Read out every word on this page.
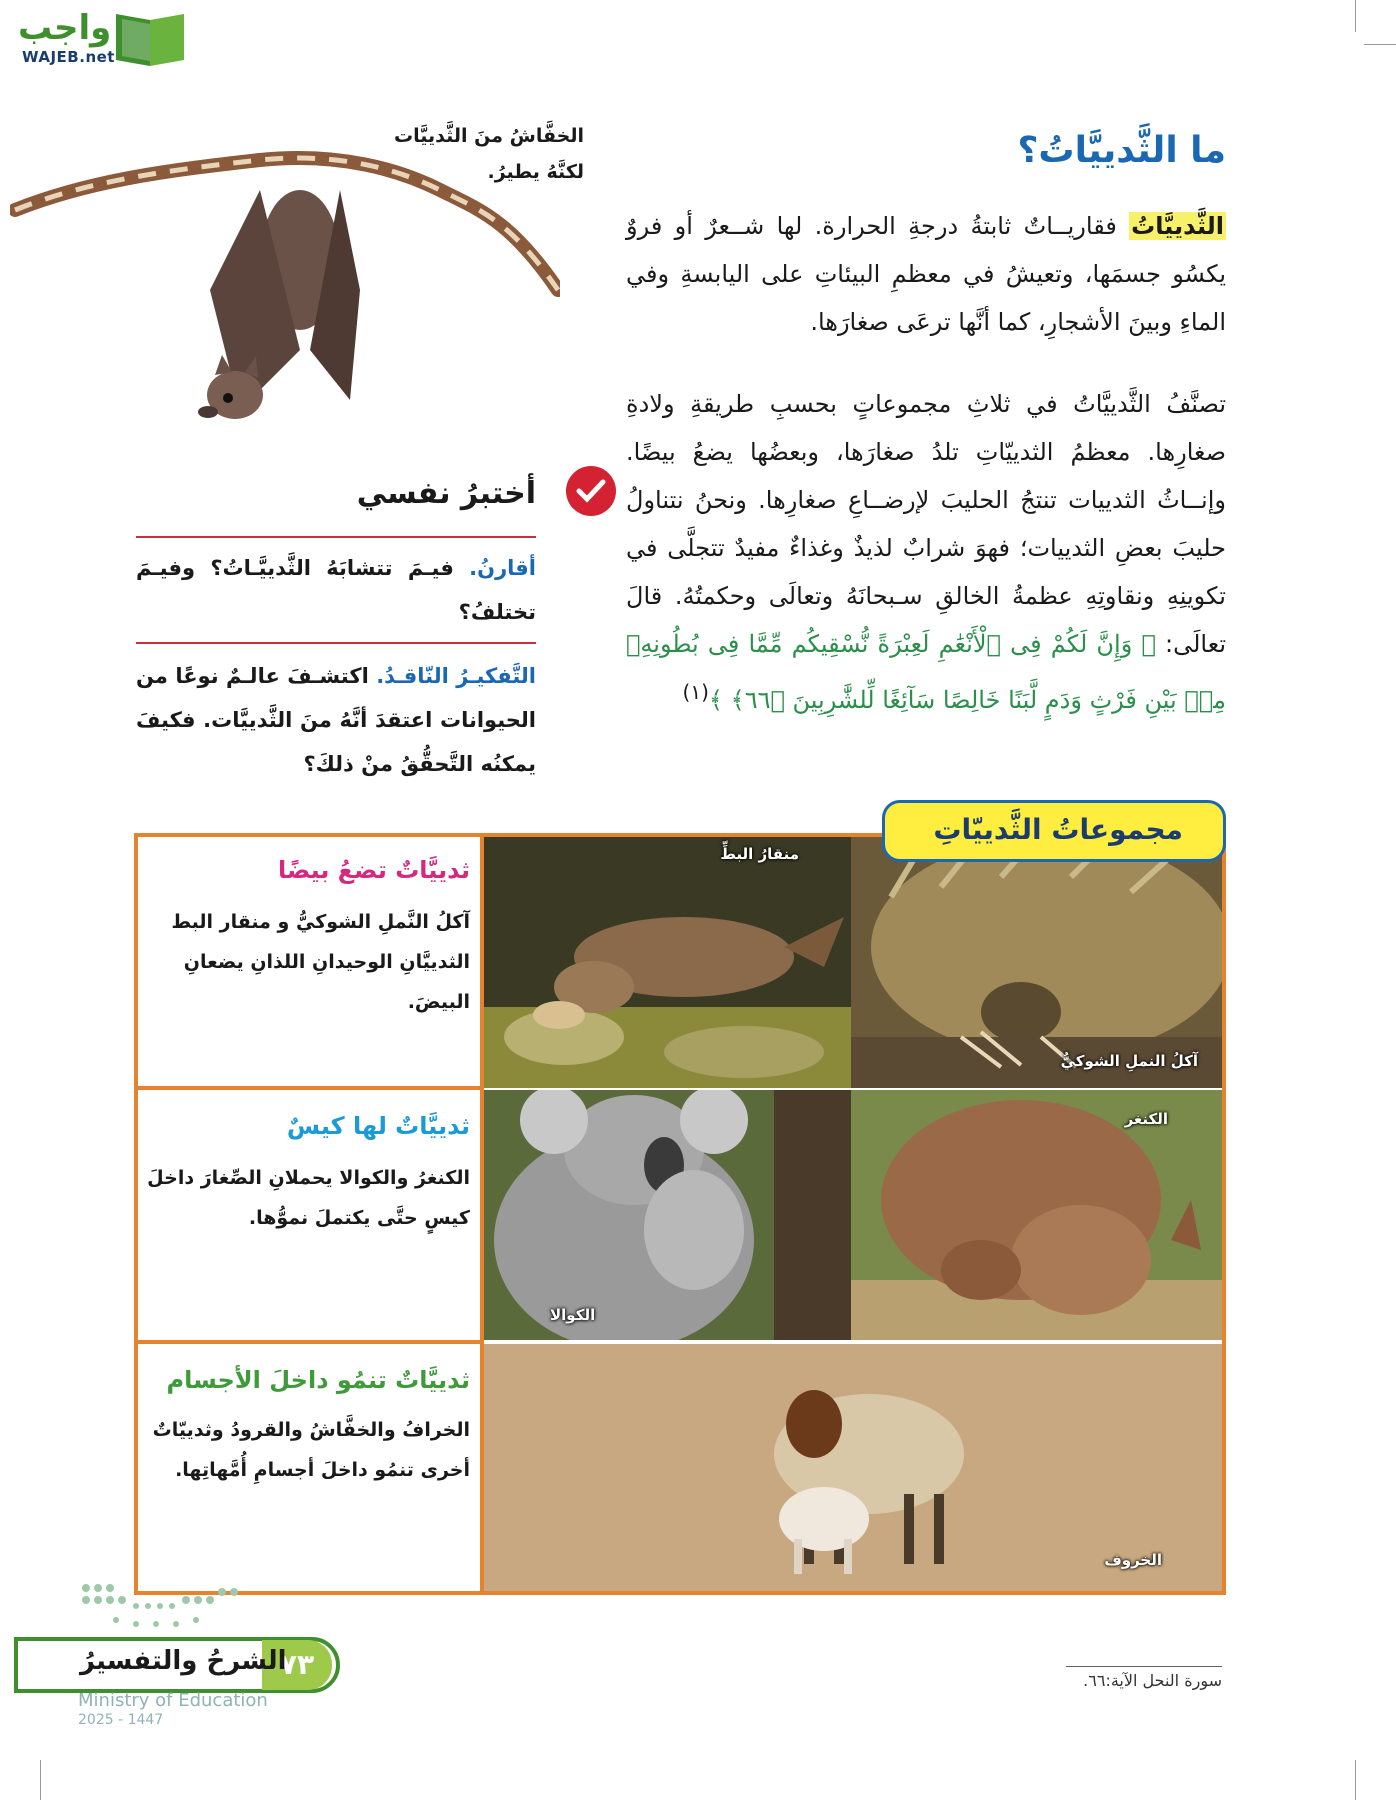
واجب
WAJEB.net
ما الثَّدييَّاتُ؟

الثَّدييَّاتُ فقاريــاتٌ ثابتةُ درجةِ الحرارة. لها شــعرٌ أو فروٌ يكسُو جسمَها، وتعيشُ في معظمِ البيئاتِ على اليابسةِ وفي الماءِ وبينَ الأشجارِ، كما أنَّها ترعَى صغارَها.

تصنَّفُ الثَّدييَّاتُ في ثلاثِ مجموعاتٍ بحسبِ طريقةِ ولادةِ صغارِها. معظمُ الثدييّاتِ تلدُ صغارَها، وبعضُها يضعُ بيضًا. وإنــاثُ الثدييات تنتجُ الحليبَ لإرضــاعِ صغارِها. ونحنُ نتناولُ حليبَ بعضِ الثدييات؛ فهوَ شرابٌ لذيذٌ وغذاءٌ مفيدٌ تتجلَّى في تكوينِهِ ونقاوتِهِ عظمةُ الخالقِ سـبحانَهُ وتعالَى وحكمتُهُ. قالَ تعالَى: ﴿ وَإِنَّ لَكُمْ فِى ٱلْأَنْعَٰمِ لَعِبْرَةً نُّسْقِيكُم مِّمَّا فِى بُطُونِهِۦ مِنۢ بَيْنِ فَرْثٍ وَدَمٍ لَّبَنًا خَالِصًا سَآئِغًا لِّلشَّٰرِبِينَ ﴿٦٦﴾ ﴾$^{(١)}$

الخفَّاشُ منَ الثَّدييَّات
لكنَّهُ يطيرُ.
أختبرُ نفسي

أقارنُ. فيـمَ تتشابَهُ الثَّدييَّـاتُ؟ وفيـمَ تختلفُ؟

التَّفكيـرُ النّاقـدُ. اكتشـفَ عالـمٌ نوعًا من الحيوانات اعتقدَ أنَّهُ منَ الثَّدييَّات. فكيفَ يمكنُه التَّحقُّقُ منْ ذلكَ؟

منقارُ البطِّ
آكلُ النملِ الشوكيُّ
الكوالا
الكنغر
الخروف
مجموعاتُ الثَّدييّاتِ
ثدييَّاتٌ تضعُ بيضًا
آكلُ النَّملِ الشوكيُّ و منقار البط الثدييَّانِ الوحيدانِ اللذانِ يضعانِ البيضَ.
ثدييَّاتٌ لها كيسٌ
الكنغرُ والكوالا يحملانِ الصِّغارَ داخلَ كيسٍ حتَّى يكتملَ نموُّها.
ثدييَّاتٌ تنمُو داخلَ الأجسام
الخرافُ والخفَّاشُ والقرودُ وثدييّاتٌ أخرى تنمُو داخلَ أجسامِ أُمَّهاتِها.
٧٣
الشرحُ والتفسيرُ
Ministry of Education
2025 - 1447
سورة النحل الآية:٦٦.
